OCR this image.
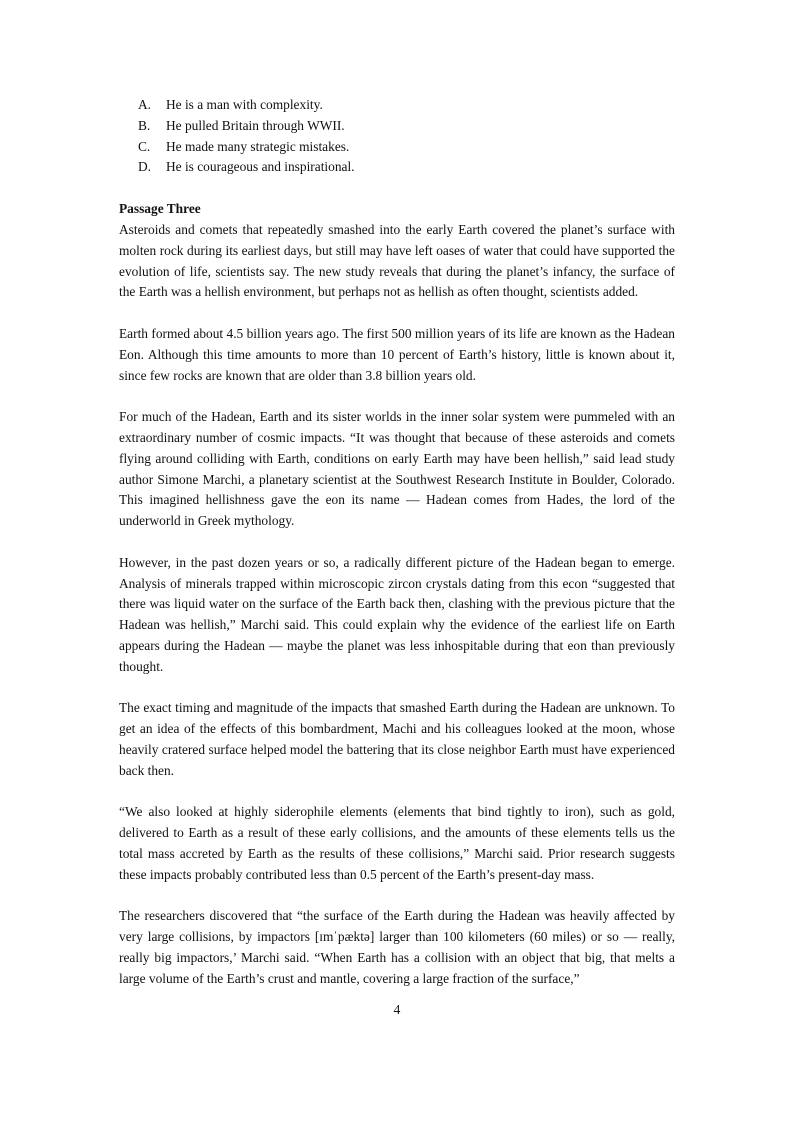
A.	He is a man with complexity.
B.	He pulled Britain through WWII.
C.	He made many strategic mistakes.
D.	He is courageous and inspirational.
Passage Three

Asteroids and comets that repeatedly smashed into the early Earth covered the planet’s surface with molten rock during its earliest days, but still may have left oases of water that could have supported the evolution of life, scientists say. The new study reveals that during the planet’s infancy, the surface of the Earth was a hellish environment, but perhaps not as hellish as often thought, scientists added.

Earth formed about 4.5 billion years ago. The first 500 million years of its life are known as the Hadean Eon. Although this time amounts to more than 10 percent of Earth’s history, little is known about it, since few rocks are known that are older than 3.8 billion years old.

For much of the Hadean, Earth and its sister worlds in the inner solar system were pummeled with an extraordinary number of cosmic impacts. “It was thought that because of these asteroids and comets flying around colliding with Earth, conditions on early Earth may have been hellish,” said lead study author Simone Marchi, a planetary scientist at the Southwest Research Institute in Boulder, Colorado. This imagined hellishness gave the eon its name — Hadean comes from Hades, the lord of the underworld in Greek mythology.

However, in the past dozen years or so, a radically different picture of the Hadean began to emerge. Analysis of minerals trapped within microscopic zircon crystals dating from this econ “suggested that there was liquid water on the surface of the Earth back then, clashing with the previous picture that the Hadean was hellish,” Marchi said. This could explain why the evidence of the earliest life on Earth appears during the Hadean — maybe the planet was less inhospitable during that eon than previously thought.

The exact timing and magnitude of the impacts that smashed Earth during the Hadean are unknown. To get an idea of the effects of this bombardment, Machi and his colleagues looked at the moon, whose heavily cratered surface helped model the battering that its close neighbor Earth must have experienced back then.

“We also looked at highly siderophile elements (elements that bind tightly to iron), such as gold, delivered to Earth as a result of these early collisions, and the amounts of these elements tells us the total mass accreted by Earth as the results of these collisions,” Marchi said. Prior research suggests these impacts probably contributed less than 0.5 percent of the Earth’s present-day mass.

The researchers discovered that “the surface of the Earth during the Hadean was heavily affected by very large collisions, by impactors [ɪmˈpæktə] larger than 100 kilometers (60 miles) or so — really, really big impactors,’ Marchi said. “When Earth has a collision with an object that big, that melts a large volume of the Earth’s crust and mantle, covering a large fraction of the surface,”

4
